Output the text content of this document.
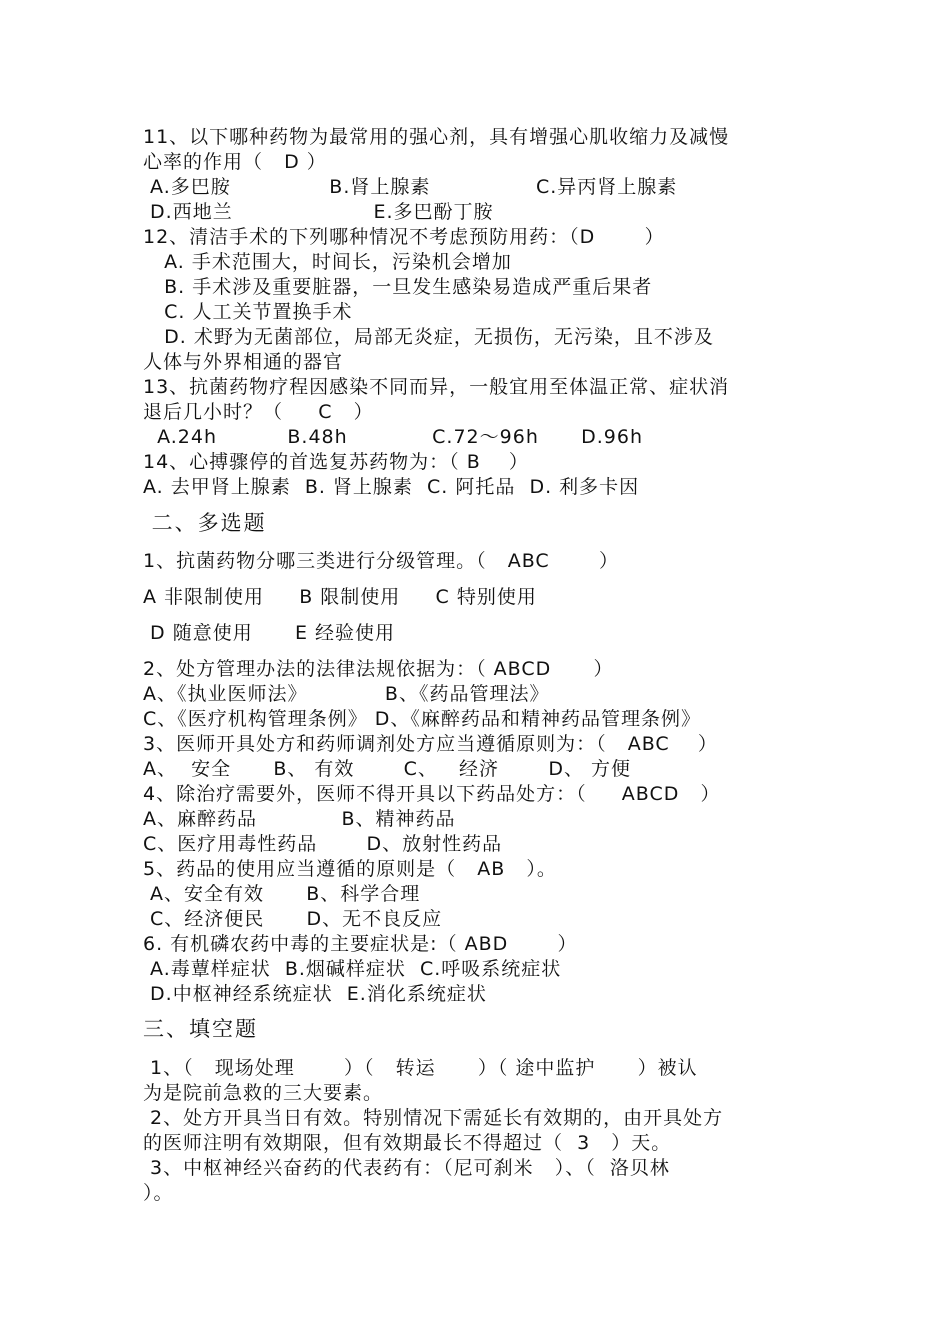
11、以下哪种药物为最常用的强心剂，具有增强心肌收缩力及减慢
心率的作用（   D ）
A.多巴胺              B.肾上腺素               C.异丙肾上腺素
D.西地兰                    E.多巴酚丁胺
12、清洁手术的下列哪种情况不考虑预防用药：（D       ）
A. 手术范围大，时间长，污染机会增加
B. 手术涉及重要脏器，一旦发生感染易造成严重后果者
C. 人工关节置换手术
D. 术野为无菌部位，局部无炎症，无损伤，无污染，且不涉及
人体与外界相通的器官
13、抗菌药物疗程因感染不同而异，一般宜用至体温正常、症状消
退后几小时？（     C   ）
A.24h          B.48h            C.72～96h      D.96h
14、心搏骤停的首选复苏药物为：（ B    ）
A. 去甲肾上腺素  B. 肾上腺素  C. 阿托品  D. 利多卡因
二、多选题
1、抗菌药物分哪三类进行分级管理。（   ABC       ）
A 非限制使用     B 限制使用     C 特别使用
D 随意使用      E 经验使用
2、处方管理办法的法律法规依据为：（ ABCD      ）
A、《执业医师法》           B、《药品管理法》
C、《医疗机构管理条例》 D、《麻醉药品和精神药品管理条例》
3、医师开具处方和药师调剂处方应当遵循原则为：（   ABC    ）
A、  安全      B、 有效       C、   经济       D、 方便
4、除治疗需要外，医师不得开具以下药品处方：（     ABCD   ）
A、麻醉药品            B、精神药品
C、医疗用毒性药品       D、放射性药品
5、药品的使用应当遵循的原则是（   AB   ）。
A、安全有效      B、科学合理
C、经济便民      D、无不良反应
6. 有机磷农药中毒的主要症状是:（ ABD       ）
A.毒蕈样症状  B.烟碱样症状  C.呼吸系统症状
D.中枢神经系统症状  E.消化系统症状
三、填空题
1、（   现场处理       ）（   转运      ）（ 途中监护      ）被认
为是院前急救的三大要素。
2、处方开具当日有效。特别情况下需延长有效期的，由开具处方
的医师注明有效期限，但有效期最长不得超过（  3   ）天。
3、中枢神经兴奋药的代表药有：（尼可刹米   ）、（  洛贝林
）。
